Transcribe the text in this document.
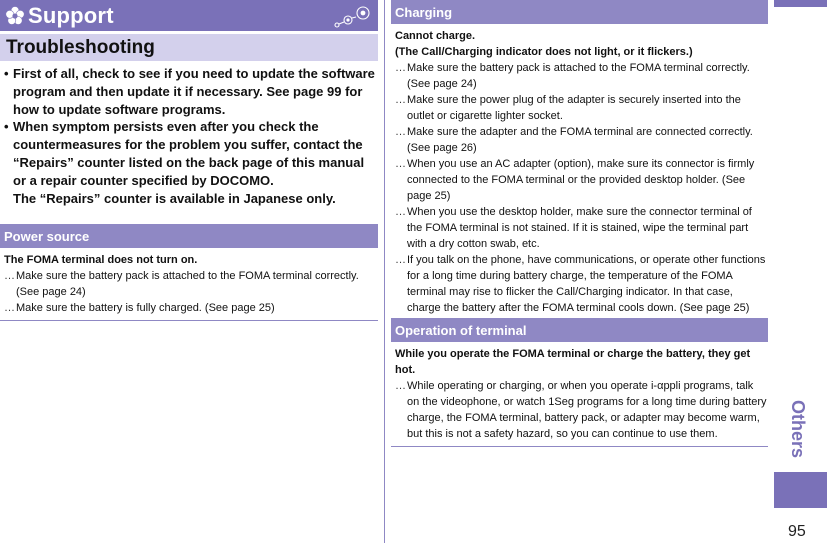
Support
Troubleshooting
• First of all, check to see if you need to update the software program and then update it if necessary. See page 99 for how to update software programs.
• When symptom persists even after you check the countermeasures for the problem you suffer, contact the “Repairs” counter listed on the back page of this manual or a repair counter specified by DOCOMO.
The “Repairs” counter is available in Japanese only.
Power source
The FOMA terminal does not turn on.
… Make sure the battery pack is attached to the FOMA terminal correctly. (See page 24)
… Make sure the battery is fully charged. (See page 25)
Charging
Cannot charge.
(The Call/Charging indicator does not light, or it flickers.)
… Make sure the battery pack is attached to the FOMA terminal correctly. (See page 24)
… Make sure the power plug of the adapter is securely inserted into the outlet or cigarette lighter socket.
… Make sure the adapter and the FOMA terminal are connected correctly. (See page 26)
… When you use an AC adapter (option), make sure its connector is firmly connected to the FOMA terminal or the provided desktop holder. (See page 25)
… When you use the desktop holder, make sure the connector terminal of the FOMA terminal is not stained. If it is stained, wipe the terminal part with a dry cotton swab, etc.
… If you talk on the phone, have communications, or operate other functions for a long time during battery charge, the temperature of the FOMA terminal may rise to flicker the Call/Charging indicator. In that case, charge the battery after the FOMA terminal cools down. (See page 25)
Operation of terminal
While you operate the FOMA terminal or charge the battery, they get hot.
… While operating or charging, or when you operate i-αppli programs, talk on the videophone, or watch 1Seg programs for a long time during battery charge, the FOMA terminal, battery pack, or adapter may become warm, but this is not a safety hazard, so you can continue to use them.	Others
95
